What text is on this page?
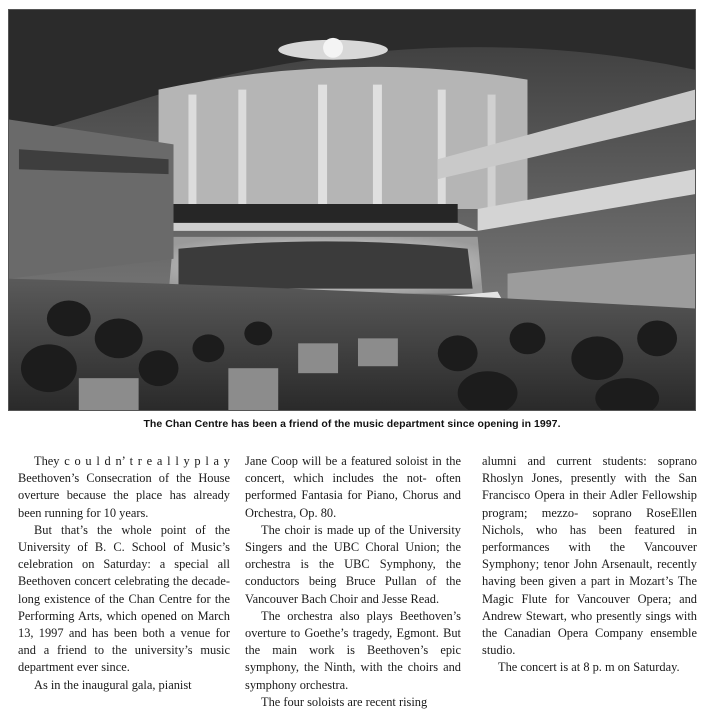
The Chan Centre has been a friend of the music department since opening in 1997.

They c o u l d n’ t r e a l l y p l a y Beethoven’s Consecration of the House overture because the place has already been running for 10 years.

But that’s the whole point of the University of B. C. School of Music’s celebration on Saturday: a special all Beethoven concert celebrating the decade- long existence of the Chan Centre for the Performing Arts, which opened on March 13, 1997 and has been both a venue for and a friend to the university’s music department ever since.

As in the inaugural gala, pianist

Jane Coop will be a featured soloist in the concert, which includes the not- often performed Fantasia for Piano, Chorus and Orchestra, Op. 80.

The choir is made up of the University Singers and the UBC Choral Union; the orchestra is the UBC Symphony, the conductors being Bruce Pullan of the Vancouver Bach Choir and Jesse Read.

The orchestra also plays Beethoven’s overture to Goethe’s tragedy, Egmont. But the main work is Beethoven’s epic symphony, the Ninth, with the choirs and symphony orchestra.

The four soloists are recent rising

alumni and current students: soprano Rhoslyn Jones, presently with the San Francisco Opera in their Adler Fellowship program; mezzo- soprano RoseEllen Nichols, who has been featured in performances with the Vancouver Symphony; tenor John Arsenault, recently having been given a part in Mozart’s The Magic Flute for Vancouver Opera; and Andrew Stewart, who presently sings with the Canadian Opera Company ensemble studio.

The concert is at 8 p. m on Saturday.
